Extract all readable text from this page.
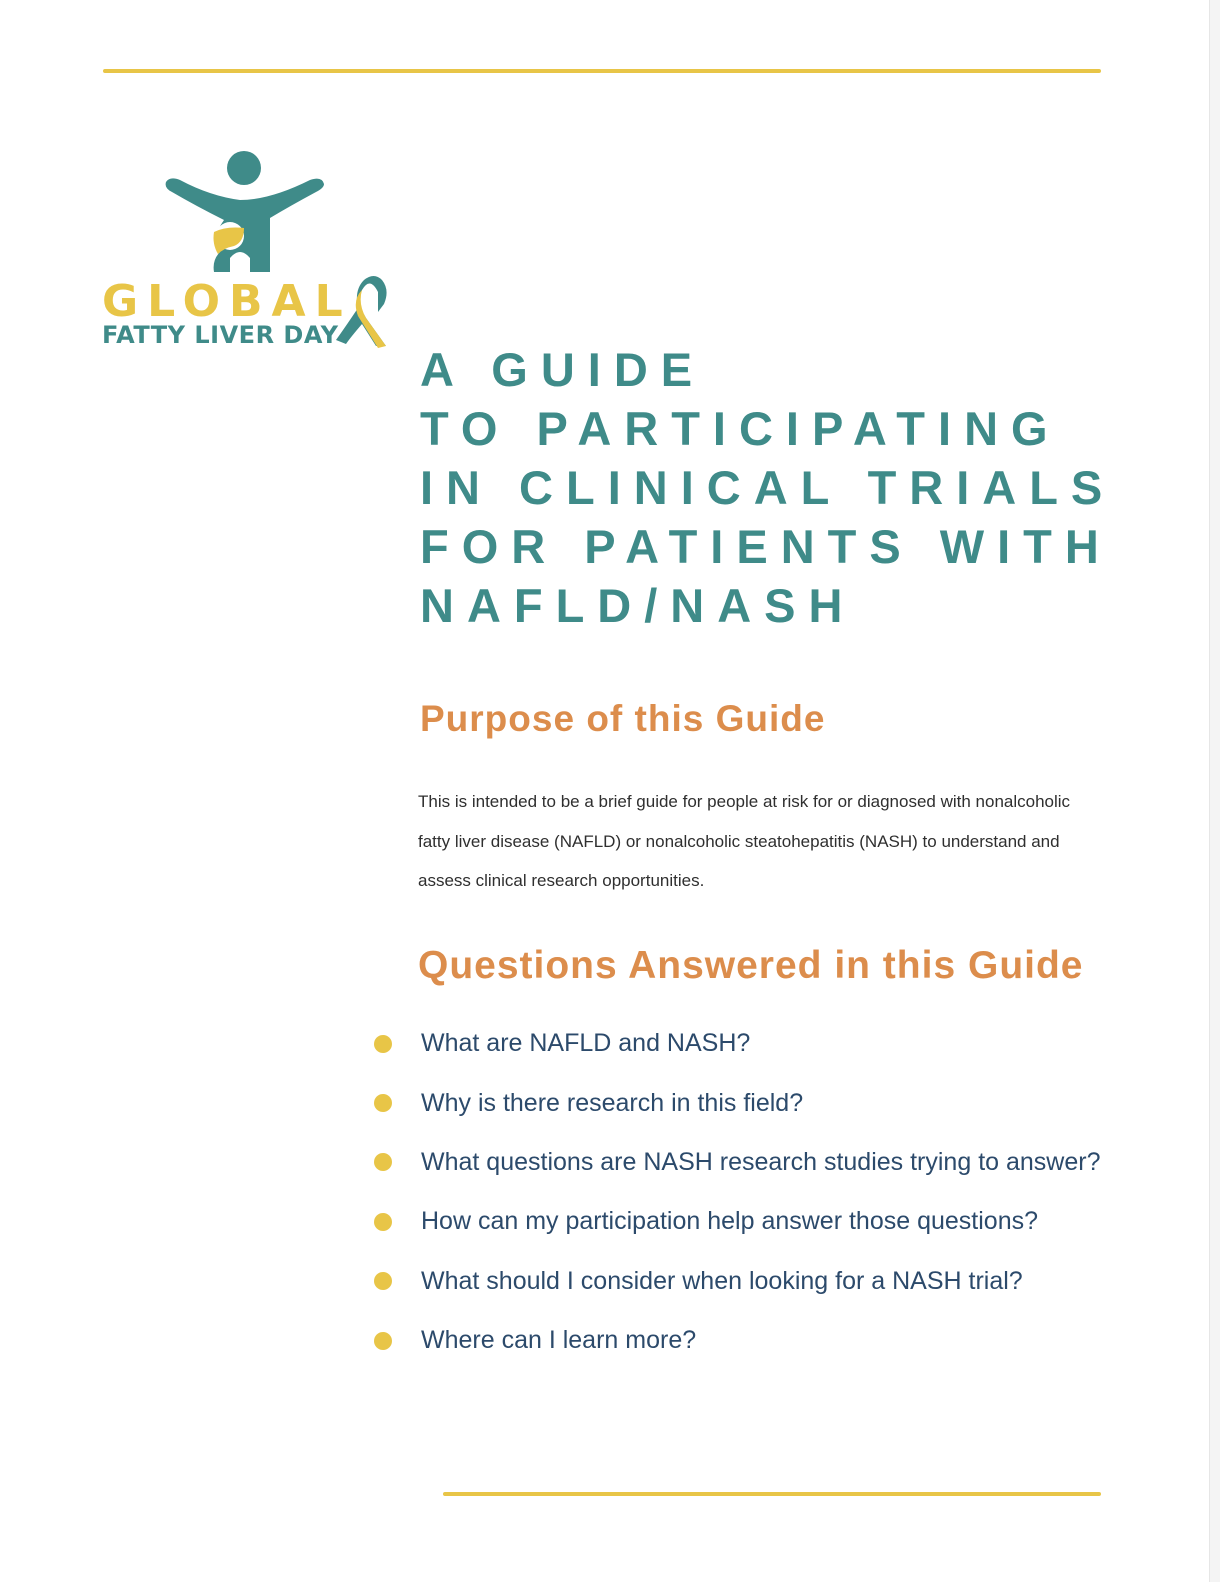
GLOBAL
FATTY LIVER DAY
A GUIDE
TO PARTICIPATING
IN CLINICAL TRIALS
FOR PATIENTS WITH
NAFLD/NASH
Purpose of this Guide

This is intended to be a brief guide for people at risk for or diagnosed with nonalcoholic fatty liver disease (NAFLD) or nonalcoholic steatohepatitis (NASH) to understand and assess clinical research opportunities.

Questions Answered in this Guide
What are NAFLD and NASH?
Why is there research in this field?
What questions are NASH research studies trying to answer?
How can my participation help answer those questions?
What should I consider when looking for a NASH trial?
Where can I learn more?
